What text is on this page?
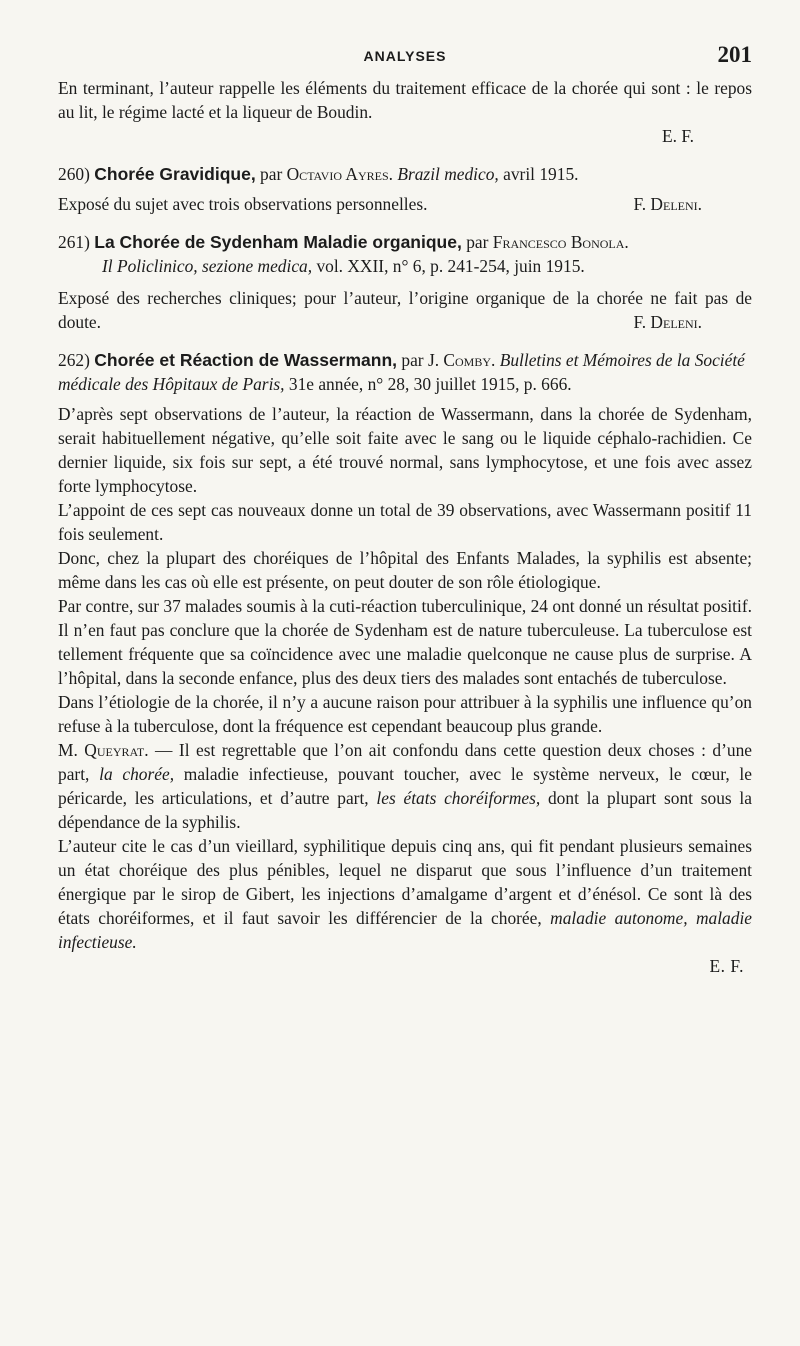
ANALYSES	201

En terminant, l’auteur rappelle les éléments du traitement efficace de la chorée qui sont : le repos au lit, le régime lacté et la liqueur de Boudin.

E. F.
260) Chorée Gravidique, par Octavio Ayres. Brazil medico, avril 1915.

Exposé du sujet avec trois observations personnelles.	F. Deleni.

261) La Chorée de Sydenham Maladie organique, par Francesco Bonola.
Il Policlinico, sezione medica, vol. XXII, n° 6, p. 241-254, juin 1915.

Exposé des recherches cliniques; pour l’auteur, l’origine organique de la chorée ne fait pas de doute.	F. Deleni.

262) Chorée et Réaction de Wassermann, par J. Comby. Bulletins et Mémoires de la Société médicale des Hôpitaux de Paris, 31e année, n° 28, 30 juillet 1915, p. 666.

D’après sept observations de l’auteur, la réaction de Wassermann, dans la chorée de Sydenham, serait habituellement négative, qu’elle soit faite avec le sang ou le liquide céphalo-rachidien. Ce dernier liquide, six fois sur sept, a été trouvé normal, sans lymphocytose, et une fois avec assez forte lymphocytose.

L’appoint de ces sept cas nouveaux donne un total de 39 observations, avec Wassermann positif 11 fois seulement.

Donc, chez la plupart des choréiques de l’hôpital des Enfants Malades, la syphilis est absente; même dans les cas où elle est présente, on peut douter de son rôle étiologique.

Par contre, sur 37 malades soumis à la cuti-réaction tuberculinique, 24 ont donné un résultat positif. Il n’en faut pas conclure que la chorée de Sydenham est de nature tuberculeuse. La tuberculose est tellement fréquente que sa coïncidence avec une maladie quelconque ne cause plus de surprise. A l’hôpital, dans la seconde enfance, plus des deux tiers des malades sont entachés de tuberculose.

Dans l’étiologie de la chorée, il n’y a aucune raison pour attribuer à la syphilis une influence qu’on refuse à la tuberculose, dont la fréquence est cependant beaucoup plus grande.

M. Queyrat. — Il est regrettable que l’on ait confondu dans cette question deux choses : d’une part, la chorée, maladie infectieuse, pouvant toucher, avec le système nerveux, le cœur, le péricarde, les articulations, et d’autre part, les états choréiformes, dont la plupart sont sous la dépendance de la syphilis.

L’auteur cite le cas d’un vieillard, syphilitique depuis cinq ans, qui fit pendant plusieurs semaines un état choréique des plus pénibles, lequel ne disparut que sous l’influence d’un traitement énergique par le sirop de Gibert, les injections d’amalgame d’argent et d’énésol. Ce sont là des états choréiformes, et il faut savoir les différencier de la chorée, maladie autonome, maladie infectieuse.

E. F.
